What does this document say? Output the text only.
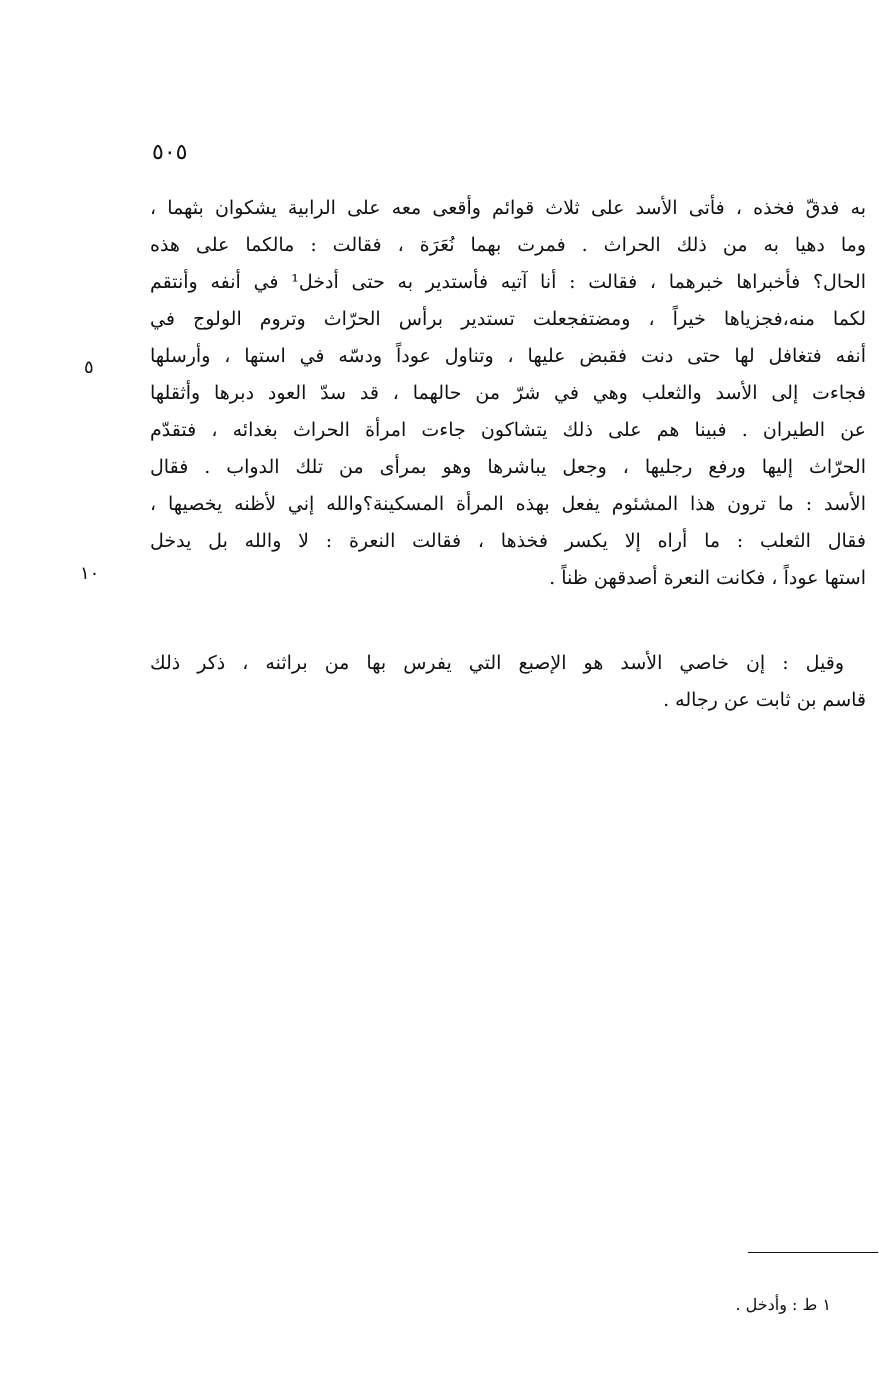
٥٠٥
٥
١٠
به فدقّ فخذه ، فأتى الأسد على ثلاث قوائم وأقعى معه على الرابية يشكوان بثهما ،
وما دهيا به من ذلك الحراث . فمرت بهما نُعَرَة ، فقالت : مالكما على هذه
الحال؟ فأخبراها خبرهما ، فقالت : أنا آتيه فأستدير به حتى أدخل¹ في أنفه وأنتقم
لكما منه،فجزياها خيراً ، ومضتفجعلت تستدير برأس الحرّاث وتروم الولوج في
أنفه فتغافل لها حتى دنت فقبض عليها ، وتناول عوداً ودسّه في استها ، وأرسلها
فجاءت إلى الأسد والثعلب وهي في شرّ من حالهما ، قد سدّ العود دبرها وأثقلها
عن الطيران . فبينا هم على ذلك يتشاكون جاءت امرأة الحراث بغدائه ، فتقدّم
الحرّاث إليها ورفع رجليها ، وجعل يباشرها وهو بمرأى من تلك الدواب . فقال
الأسد : ما ترون هذا المشئوم يفعل بهذه المرأة المسكينة؟والله إني لأظنه يخصيها ،
فقال الثعلب : ما أراه إلا يكسر فخذها ، فقالت النعرة : لا والله بل يدخل
استها عوداً ، فكانت النعرة أصدقهن ظناً .
وقيل : إن خاصي الأسد هو الإصبع التي يفرس بها من براثنه ، ذكر ذلك
قاسم بن ثابت عن رجاله .
١ ط : وأدخل .
